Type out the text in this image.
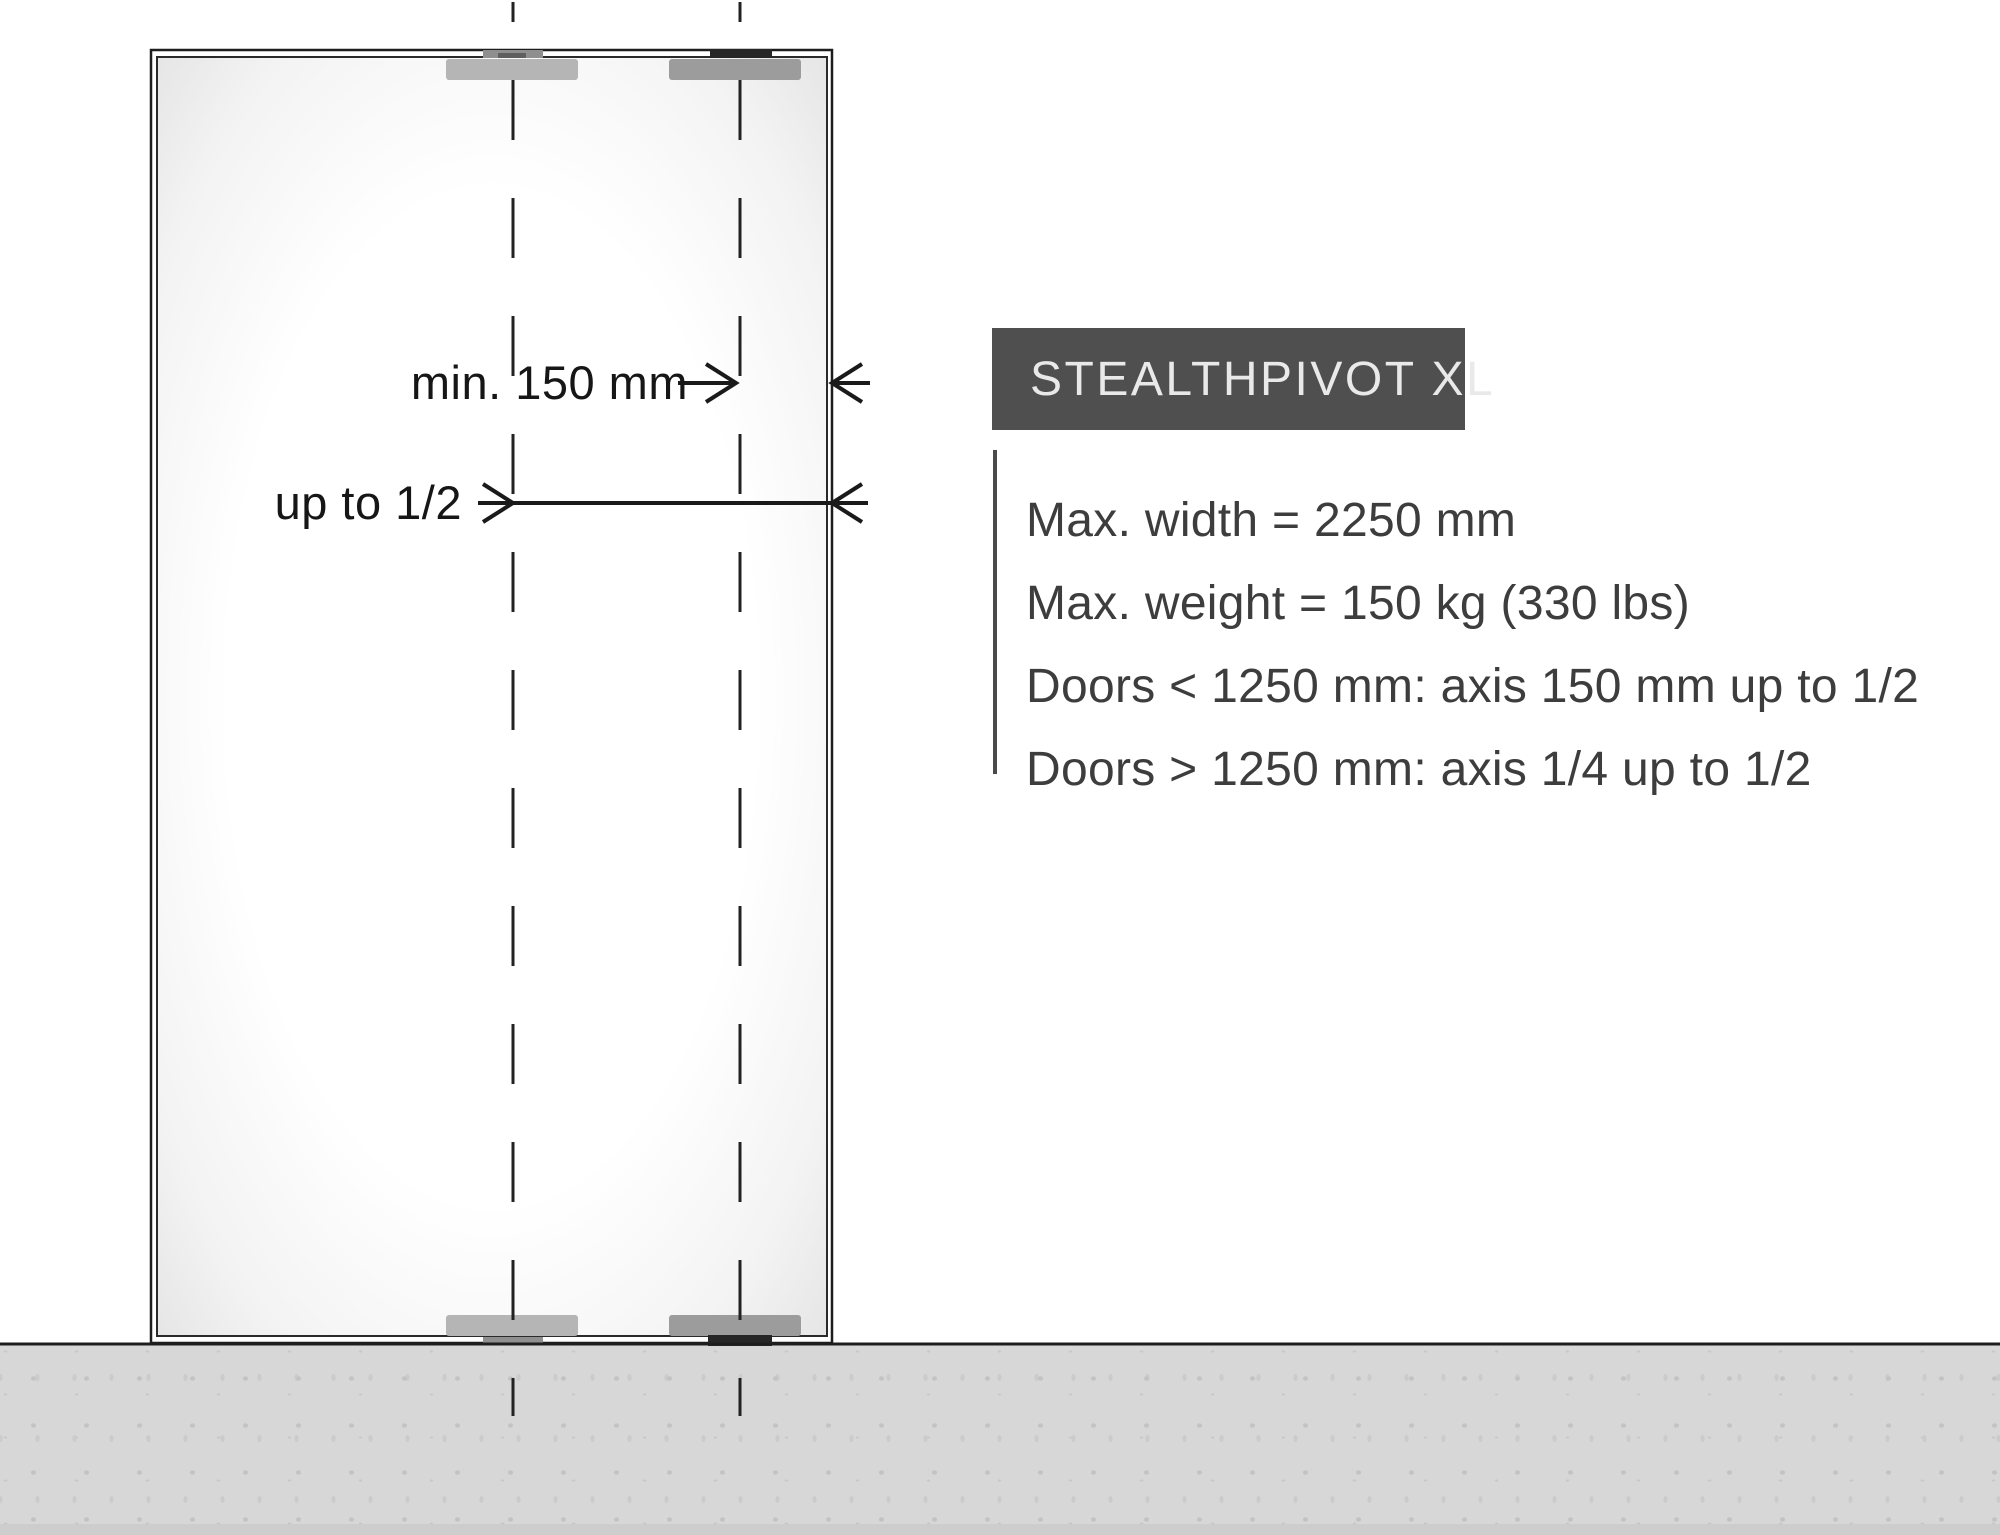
min. 150 mm
up to 1/2
STEALTHPIVOT XL
Max. width = 2250 mm
Max. weight = 150 kg (330 lbs)
Doors < 1250 mm: axis 150 mm up to 1/2
Doors > 1250 mm: axis 1/4 up to 1/2
